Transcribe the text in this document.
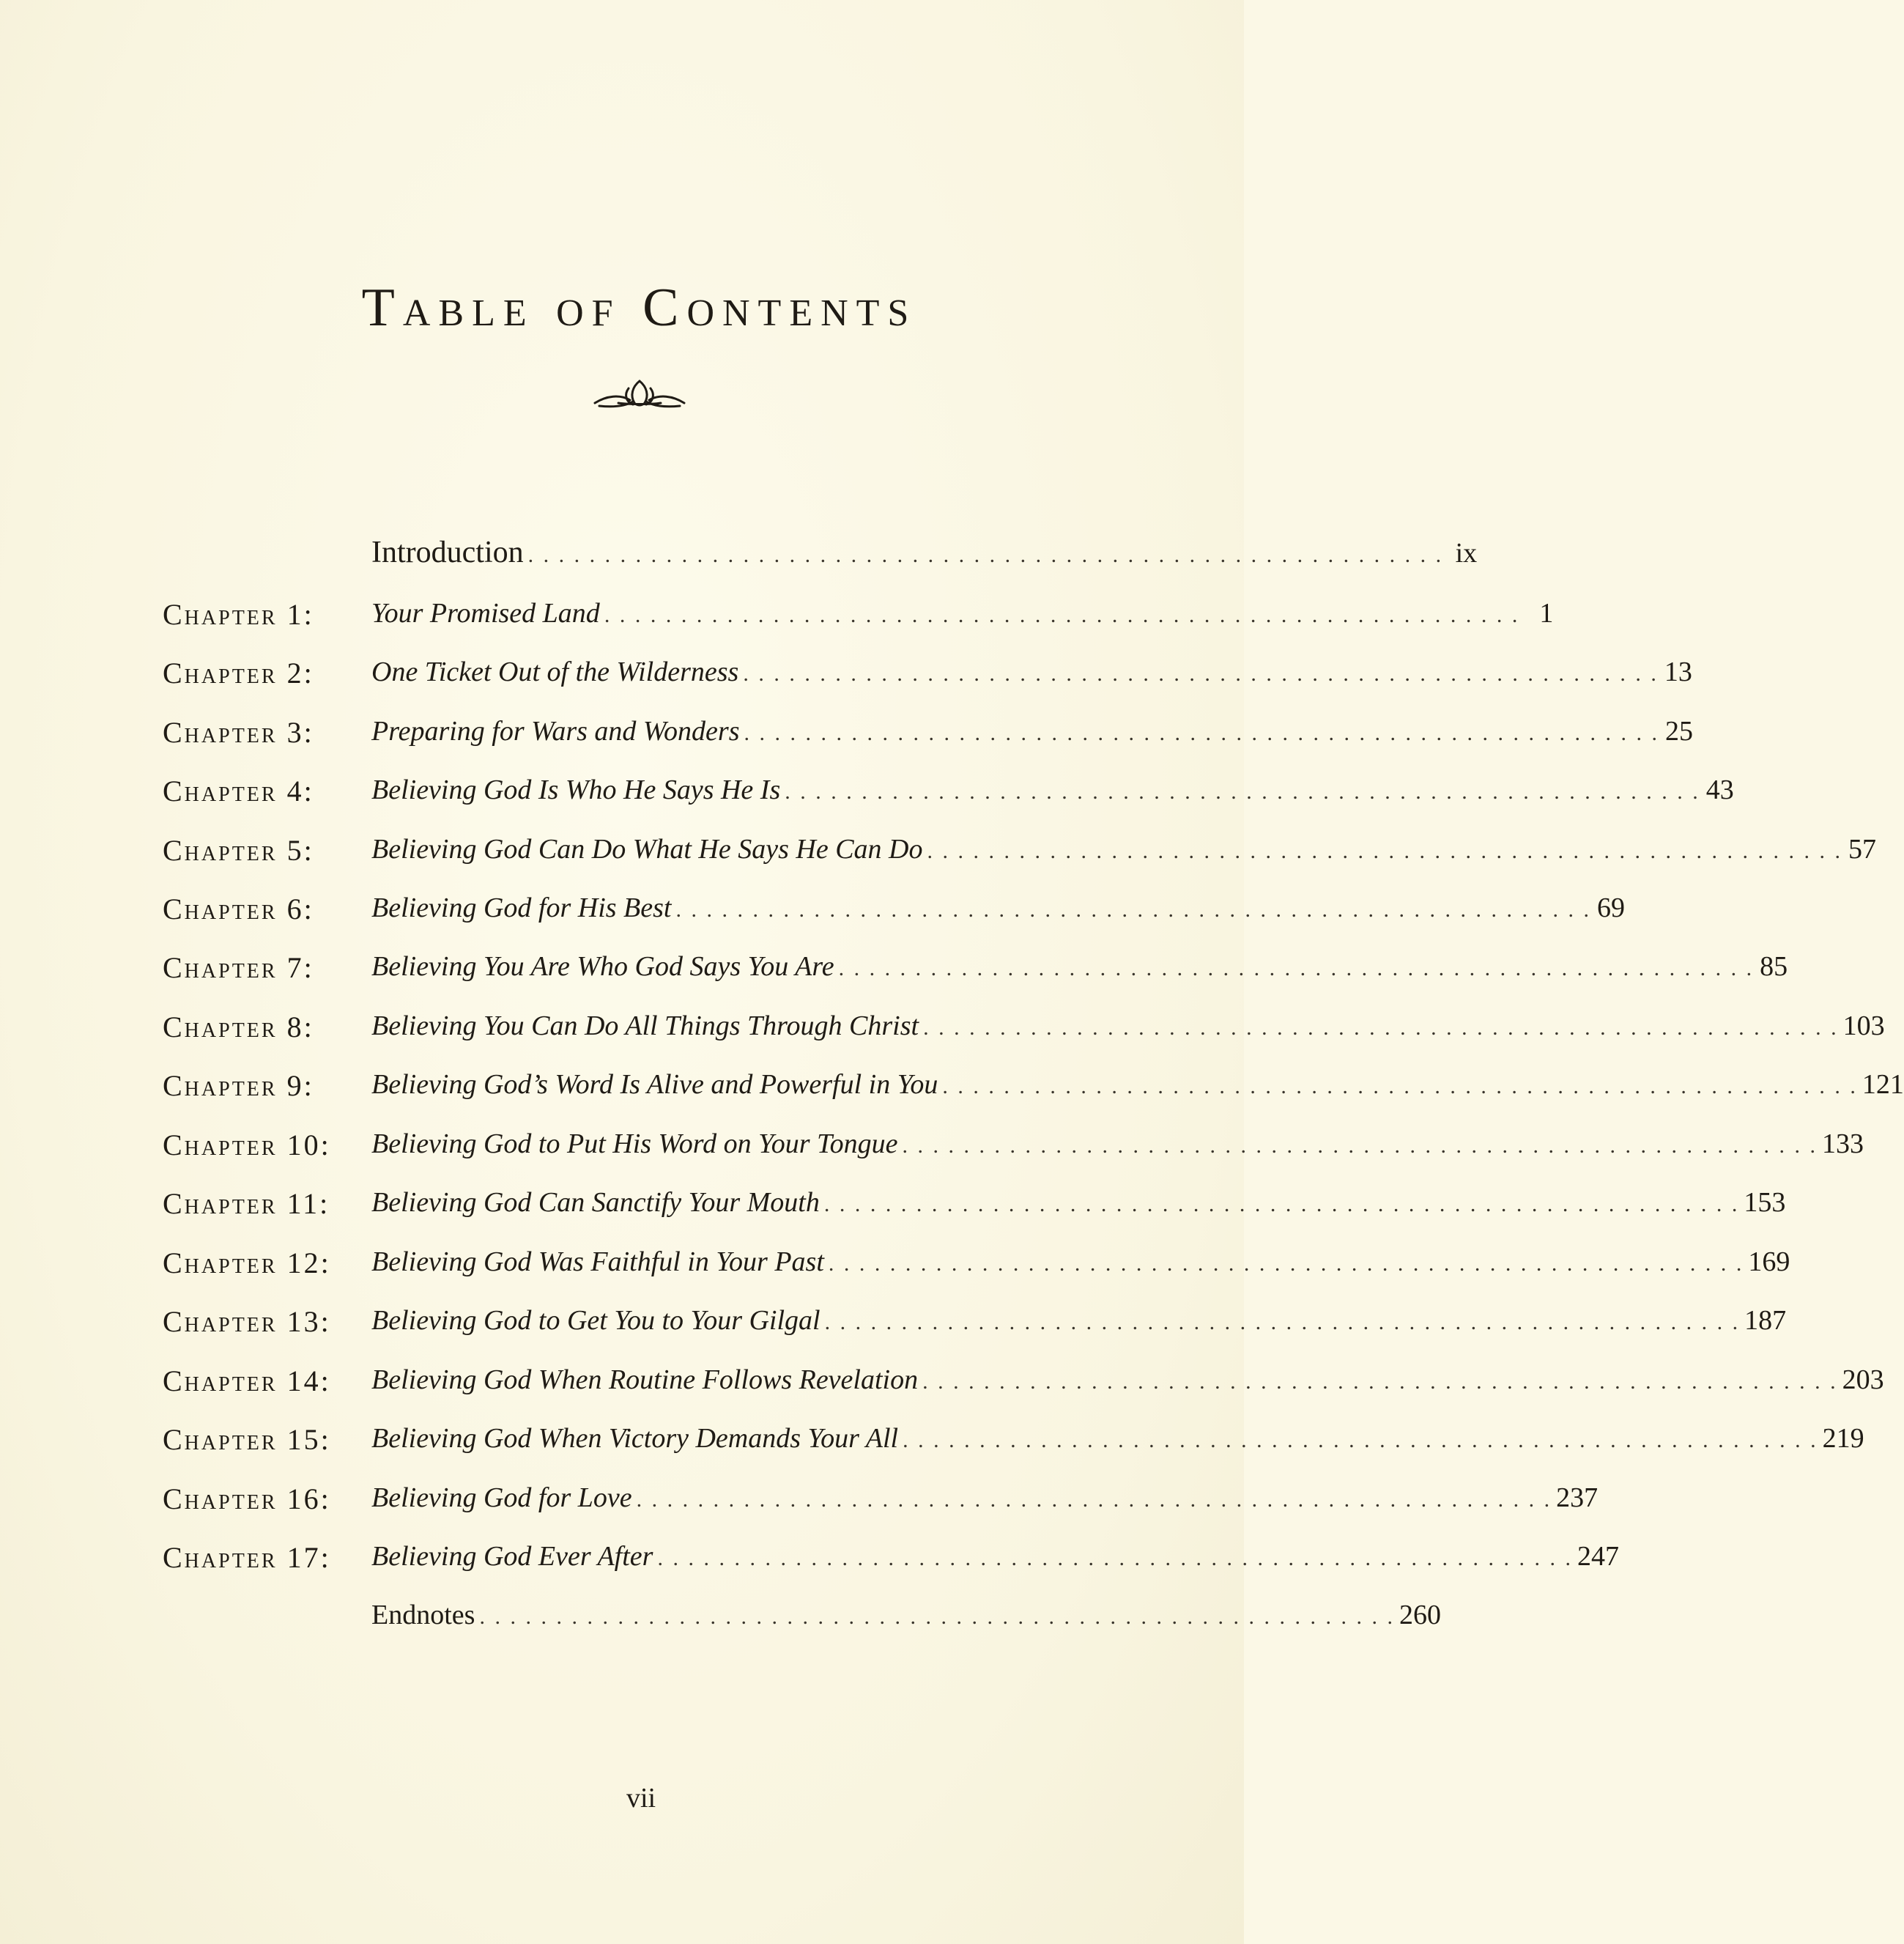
Table of Contents
Introduction . . . . . . . . . . . . . . . . . . . . . . . . . . . . . . . . . . . . . . . . . . . . . . . . . . . . . . . . . . . . ix
Chapter 1:	Your Promised Land . . . . . . . . . . . . . . . . . . . . . . . . . . . . . . . . . . . . . . . . . . . . . . . . . . . . . . . . . . . . 1
Chapter 2:	One Ticket Out of the Wilderness . . . . . . . . . . . . . . . . . . . . . . . . . . . . . . . . . . . . . . . . . . . . . . . . . . . . . . . . . . . . 13
Chapter 3:	Preparing for Wars and Wonders . . . . . . . . . . . . . . . . . . . . . . . . . . . . . . . . . . . . . . . . . . . . . . . . . . . . . . . . . . . . 25
Chapter 4:	Believing God Is Who He Says He Is . . . . . . . . . . . . . . . . . . . . . . . . . . . . . . . . . . . . . . . . . . . . . . . . . . . . . . . . . . . . 43
Chapter 5:	Believing God Can Do What He Says He Can Do . . . . . . . . . . . . . . . . . . . . . . . . . . . . . . . . . . . . . . . . . . . . . . . . . . . . . . . . . . . . 57
Chapter 6:	Believing God for His Best . . . . . . . . . . . . . . . . . . . . . . . . . . . . . . . . . . . . . . . . . . . . . . . . . . . . . . . . . . . . 69
Chapter 7:	Believing You Are Who God Says You Are . . . . . . . . . . . . . . . . . . . . . . . . . . . . . . . . . . . . . . . . . . . . . . . . . . . . . . . . . . . . 85
Chapter 8:	Believing You Can Do All Things Through Christ . . . . . . . . . . . . . . . . . . . . . . . . . . . . . . . . . . . . . . . . . . . . . . . . . . . . . . . . . . . . 103
Chapter 9:	Believing God’s Word Is Alive and Powerful in You . . . . . . . . . . . . . . . . . . . . . . . . . . . . . . . . . . . . . . . . . . . . . . . . . . . . . . . . . . . . 121
Chapter 10:	Believing God to Put His Word on Your Tongue . . . . . . . . . . . . . . . . . . . . . . . . . . . . . . . . . . . . . . . . . . . . . . . . . . . . . . . . . . . . 133
Chapter 11:	Believing God Can Sanctify Your Mouth . . . . . . . . . . . . . . . . . . . . . . . . . . . . . . . . . . . . . . . . . . . . . . . . . . . . . . . . . . . . 153
Chapter 12:	Believing God Was Faithful in Your Past . . . . . . . . . . . . . . . . . . . . . . . . . . . . . . . . . . . . . . . . . . . . . . . . . . . . . . . . . . . . 169
Chapter 13:	Believing God to Get You to Your Gilgal . . . . . . . . . . . . . . . . . . . . . . . . . . . . . . . . . . . . . . . . . . . . . . . . . . . . . . . . . . . . 187
Chapter 14:	Believing God When Routine Follows Revelation . . . . . . . . . . . . . . . . . . . . . . . . . . . . . . . . . . . . . . . . . . . . . . . . . . . . . . . . . . . . 203
Chapter 15:	Believing God When Victory Demands Your All . . . . . . . . . . . . . . . . . . . . . . . . . . . . . . . . . . . . . . . . . . . . . . . . . . . . . . . . . . . . 219
Chapter 16:	Believing God for Love . . . . . . . . . . . . . . . . . . . . . . . . . . . . . . . . . . . . . . . . . . . . . . . . . . . . . . . . . . . . 237
Chapter 17:	Believing God Ever After . . . . . . . . . . . . . . . . . . . . . . . . . . . . . . . . . . . . . . . . . . . . . . . . . . . . . . . . . . . . 247
Endnotes . . . . . . . . . . . . . . . . . . . . . . . . . . . . . . . . . . . . . . . . . . . . . . . . . . . . . . . . . . . . 260
vii
